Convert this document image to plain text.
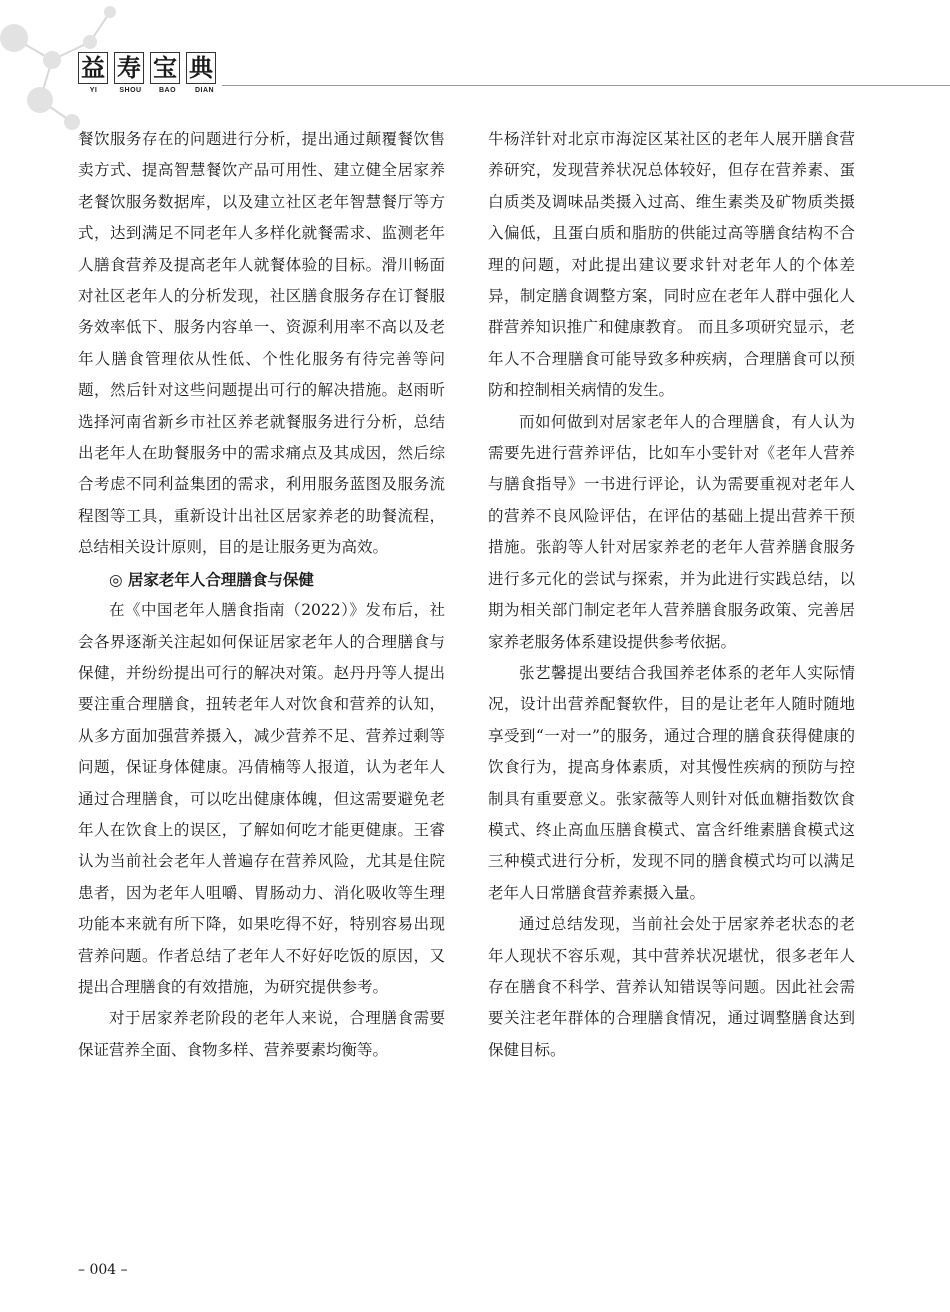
益 寿 宝 典
YI	SHOU	BAO	DIAN

餐饮服务存在的问题进行分析，提出通过颠覆餐饮售卖方式、提高智慧餐饮产品可用性、建立健全居家养老餐饮服务数据库，以及建立社区老年智慧餐厅等方式，达到满足不同老年人多样化就餐需求、监测老年人膳食营养及提高老年人就餐体验的目标。滑川畅面对社区老年人的分析发现，社区膳食服务存在订餐服务效率低下、服务内容单一、资源利用率不高以及老年人膳食管理依从性低、个性化服务有待完善等问题，然后针对这些问题提出可行的解决措施。赵雨昕选择河南省新乡市社区养老就餐服务进行分析，总结出老年人在助餐服务中的需求痛点及其成因，然后综合考虑不同利益集团的需求，利用服务蓝图及服务流程图等工具，重新设计出社区居家养老的助餐流程，总结相关设计原则，目的是让服务更为高效。

◎ 居家老年人合理膳食与保健

在《中国老年人膳食指南（2022）》发布后，社会各界逐渐关注起如何保证居家老年人的合理膳食与保健，并纷纷提出可行的解决对策。赵丹丹等人提出要注重合理膳食，扭转老年人对饮食和营养的认知，从多方面加强营养摄入，减少营养不足、营养过剩等问题，保证身体健康。冯倩楠等人报道，认为老年人通过合理膳食，可以吃出健康体魄，但这需要避免老年人在饮食上的误区，了解如何吃才能更健康。王睿认为当前社会老年人普遍存在营养风险，尤其是住院患者，因为老年人咀嚼、胃肠动力、消化吸收等生理功能本来就有所下降，如果吃得不好，特别容易出现营养问题。作者总结了老年人不好好吃饭的原因，又提出合理膳食的有效措施，为研究提供参考。

对于居家养老阶段的老年人来说，合理膳食需要保证营养全面、食物多样、营养要素均衡等。

牛杨洋针对北京市海淀区某社区的老年人展开膳食营养研究，发现营养状况总体较好，但存在营养素、蛋白质类及调味品类摄入过高、维生素类及矿物质类摄入偏低，且蛋白质和脂肪的供能过高等膳食结构不合理的问题，对此提出建议要求针对老年人的个体差异，制定膳食调整方案，同时应在老年人群中强化人群营养知识推广和健康教育。 而且多项研究显示，老年人不合理膳食可能导致多种疾病，合理膳食可以预防和控制相关病情的发生。

而如何做到对居家老年人的合理膳食，有人认为需要先进行营养评估，比如车小雯针对《老年人营养与膳食指导》一书进行评论，认为需要重视对老年人的营养不良风险评估，在评估的基础上提出营养干预措施。张韵等人针对居家养老的老年人营养膳食服务进行多元化的尝试与探索，并为此进行实践总结，以期为相关部门制定老年人营养膳食服务政策、完善居家养老服务体系建设提供参考依据。

张艺馨提出要结合我国养老体系的老年人实际情况，设计出营养配餐软件，目的是让老年人随时随地享受到“一对一”的服务，通过合理的膳食获得健康的饮食行为，提高身体素质，对其慢性疾病的预防与控制具有重要意义。张家薇等人则针对低血糖指数饮食模式、终止高血压膳食模式、富含纤维素膳食模式这三种模式进行分析，发现不同的膳食模式均可以满足老年人日常膳食营养素摄入量。

通过总结发现，当前社会处于居家养老状态的老年人现状不容乐观，其中营养状况堪忧，很多老年人存在膳食不科学、营养认知错误等问题。因此社会需要关注老年群体的合理膳食情况，通过调整膳食达到保健目标。

– 004 –
